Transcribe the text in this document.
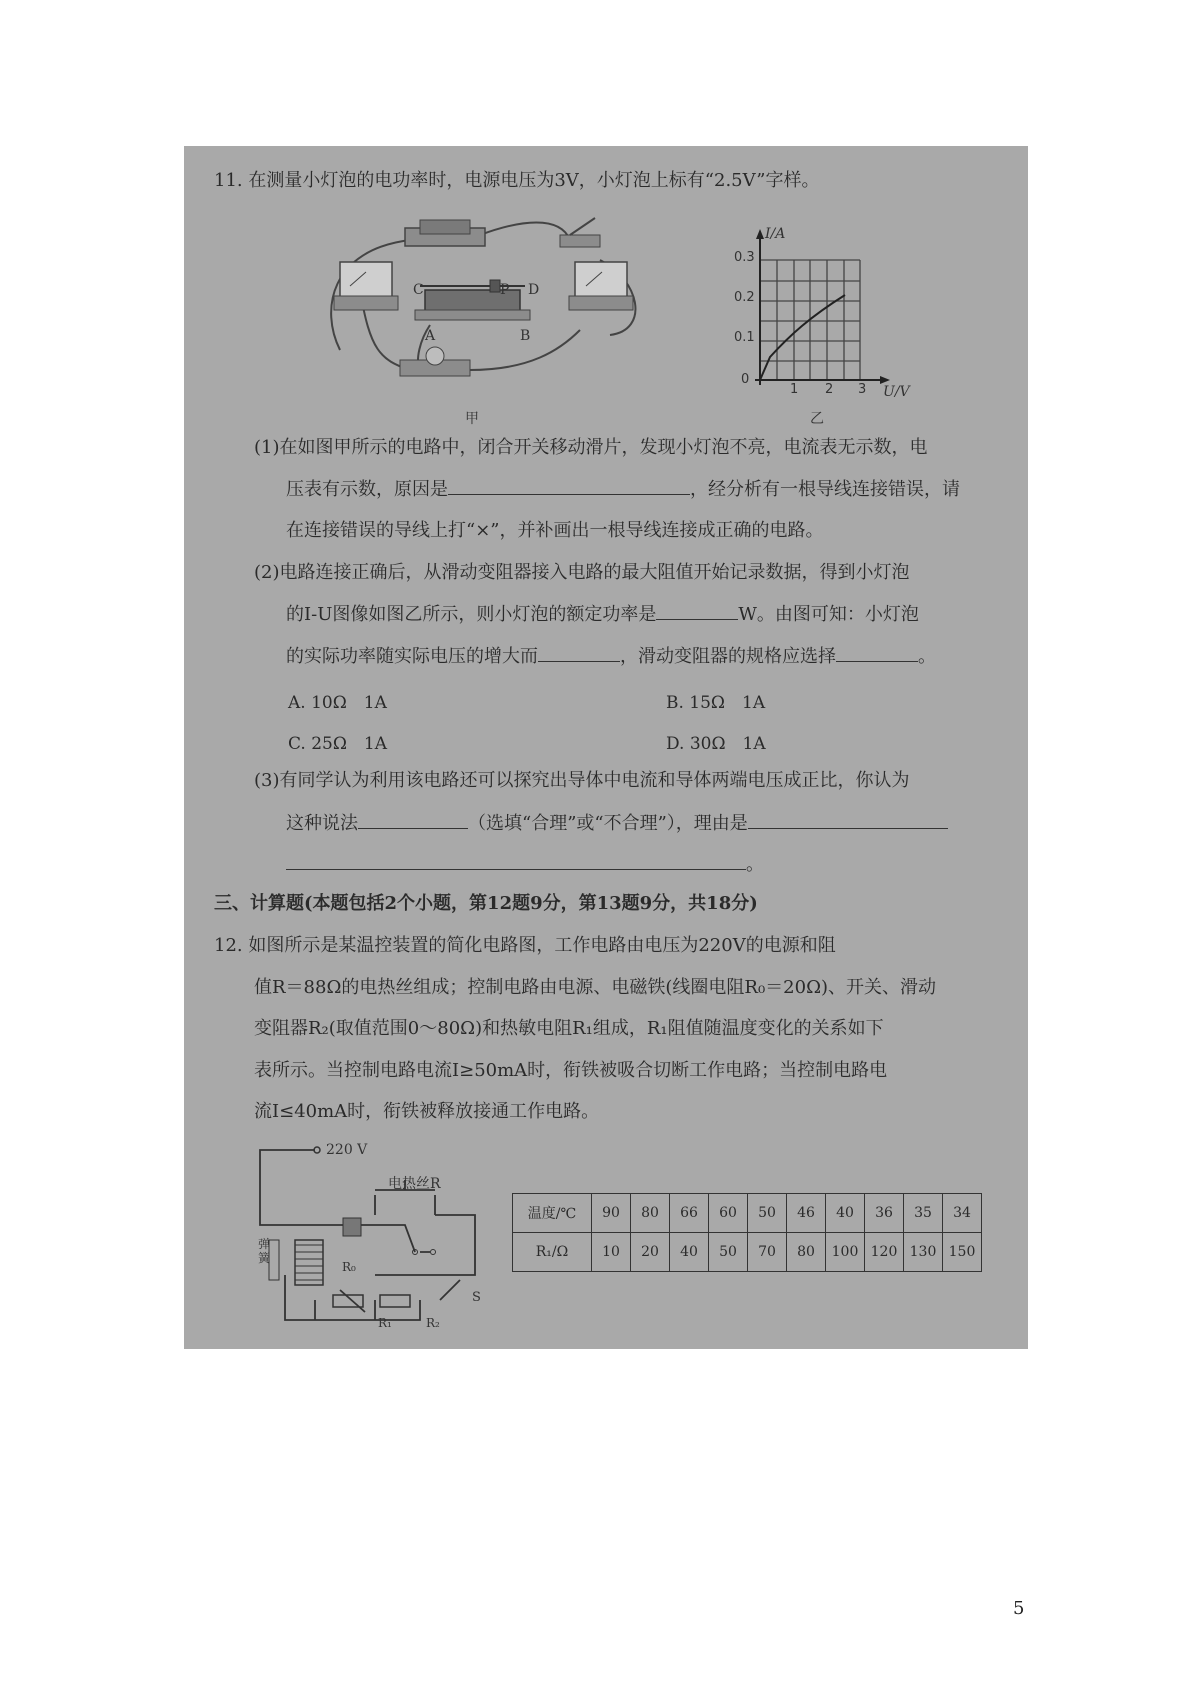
11. 在测量小灯泡的电功率时，电源电压为3V，小灯泡上标有“2.5V”字样。
C	P D
A	B
甲
I/A
U/V
0.3
0.2
0.1
0
1 2 3
乙
(1)在如图甲所示的电路中，闭合开关移动滑片，发现小灯泡不亮，电流表无示数，电
压表有示数，原因是	，经分析有一根导线连接错误，请
在连接错误的导线上打“×”，并补画出一根导线连接成正确的电路。
(2)电路连接正确后，从滑动变阻器接入电路的最大阻值开始记录数据，得到小灯泡
的I-U图像如图乙所示，则小灯泡的额定功率是	W。由图可知：小灯泡
的实际功率随实际电压的增大而	，滑动变阻器的规格应选择	。
A. 10Ω　1A	B. 15Ω　1A
C. 25Ω　1A	D. 30Ω　1A
(3)有同学认为利用该电路还可以探究出导体中电流和导体两端电压成正比，你认为
这种说法	（选填“合理”或“不合理”），理由是
。
三、计算题(本题包括2个小题，第12题9分，第13题9分，共18分)
12. 如图所示是某温控装置的简化电路图，工作电路由电压为220V的电源和阻
值R＝88Ω的电热丝组成；控制电路由电源、电磁铁(线圈电阻R₀＝20Ω)、开关、滑动
变阻器R₂(取值范围0～80Ω)和热敏电阻R₁组成，R₁阻值随温度变化的关系如下
表所示。当控制电路电流I≥50mA时，衔铁被吸合切断工作电路；当控制电路电
流I≤40mA时，衔铁被释放接通工作电路。
220 V
电热丝R
弹簧
R₀
R₁	R₂
S
温度/℃	90	80	66	60	50	46	40	36	35	34
R₁/Ω	10	20	40	50	70	80	100	120	130	150
5
